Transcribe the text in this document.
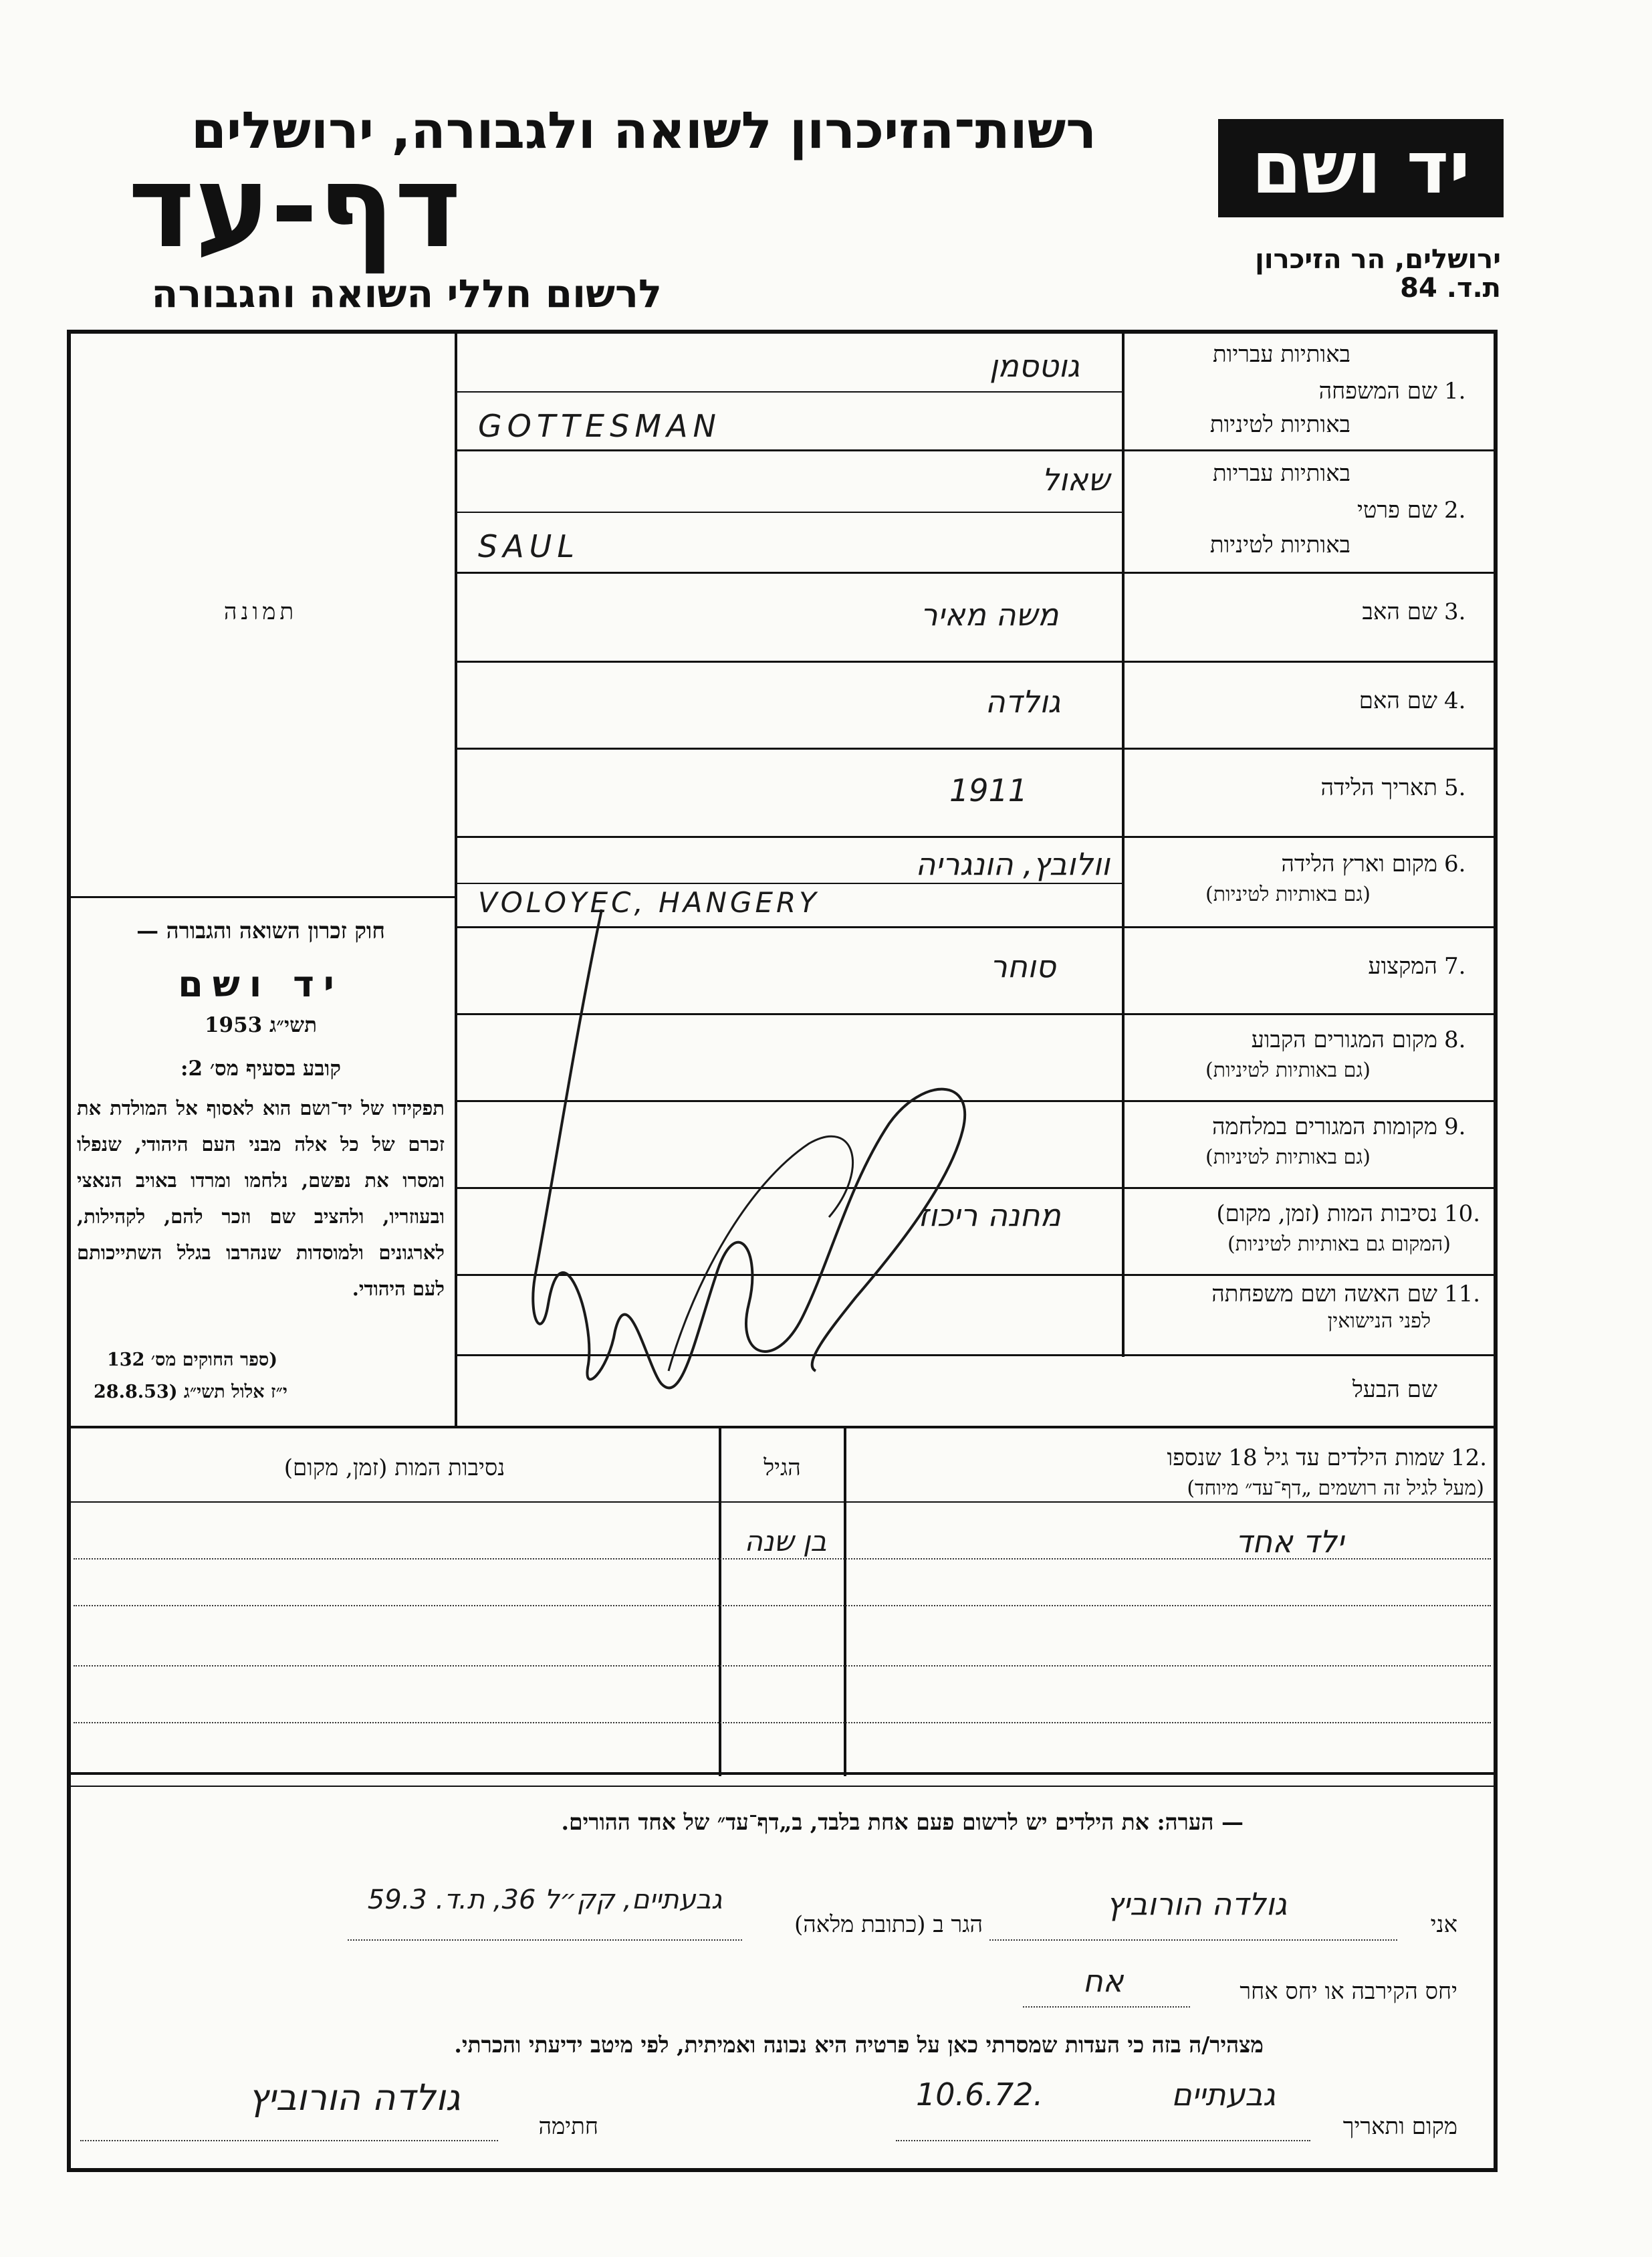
רשות־הזיכרון לשואה ולגבורה, ירושלים
דף-עד
לרשום חללי השואה והגבורה
יד ושם
ירושלים, הר הזיכרון
ת.ד. 84
באותיות עבריות
שם המשפחה 1.
באותיות לטיניות
באותיות עבריות
שם פרטי 2.
באותיות לטיניות
שם האב 3.
שם האם 4.
תאריך הלידה 5.
מקום וארץ הלידה 6.
(גם באותיות לטיניות)
המקצוע 7.
מקום המגורים הקבוע 8.
(גם באותיות לטיניות)
מקומות המגורים במלחמה 9.
(גם באותיות לטיניות)
נסיבות המות (זמן, מקום) 10.
(המקום גם באותיות לטיניות)
שם האשה ושם משפחתה 11.
לפני הנישואין
שם הבעל
גוטסמן
GOTTESMAN
שאול
SAUL
משה מאיר
גולדה
1911
וולובץ, הונגריה
VOLOYEC, HANGERY
סוחר
מחנה ריכוז
תמונה
חוק זכרון השואה והגבורה —
יד ושם
תשי״ג 1953
קובע בסעיף מס׳ 2:
תפקידו של יד־ושם הוא לאסוף אל המולדת את זכרם של כל אלה מבני העם היהודי, שנפלו ומסרו את נפשם, נלחמו ומרדו באויב הנאצי ובעוזריו, ולהציב שם וזכר להם, לקהילות, לארגונים ולמוסדות שנהרבו בגלל השתייכותם לעם היהודי.
(ספר החוקים מס׳ 132
י״ז אלול תשי״ג (28.8.53
12.
שמות הילדים עד גיל 18 שנספו
(מעל לגיל זה רושמים „דף־עד״ מיוחד)
הגיל
נסיבות המות (זמן, מקום)
ילד אחד
בן שנה
— הערה: את הילדים יש לרשום פעם אחת בלבד, ב„דף־עד״ של אחד ההורים.
אני
גולדה הורוביץ
הגר ב (כתובת מלאה)
גבעתיים, קק״ל 36, ת.ד. 59.3
יחס הקירבה או יחס אחר
אח
מצהיר/ה בזה כי העדות שמסרתי כאן על פרטיה היא נכונה ואמיתית, לפי מיטב ידיעתי והכרתי.
מקום ותאריך
גבעתיים
10.6.72.
חתימה
גולדה הורוביץ
